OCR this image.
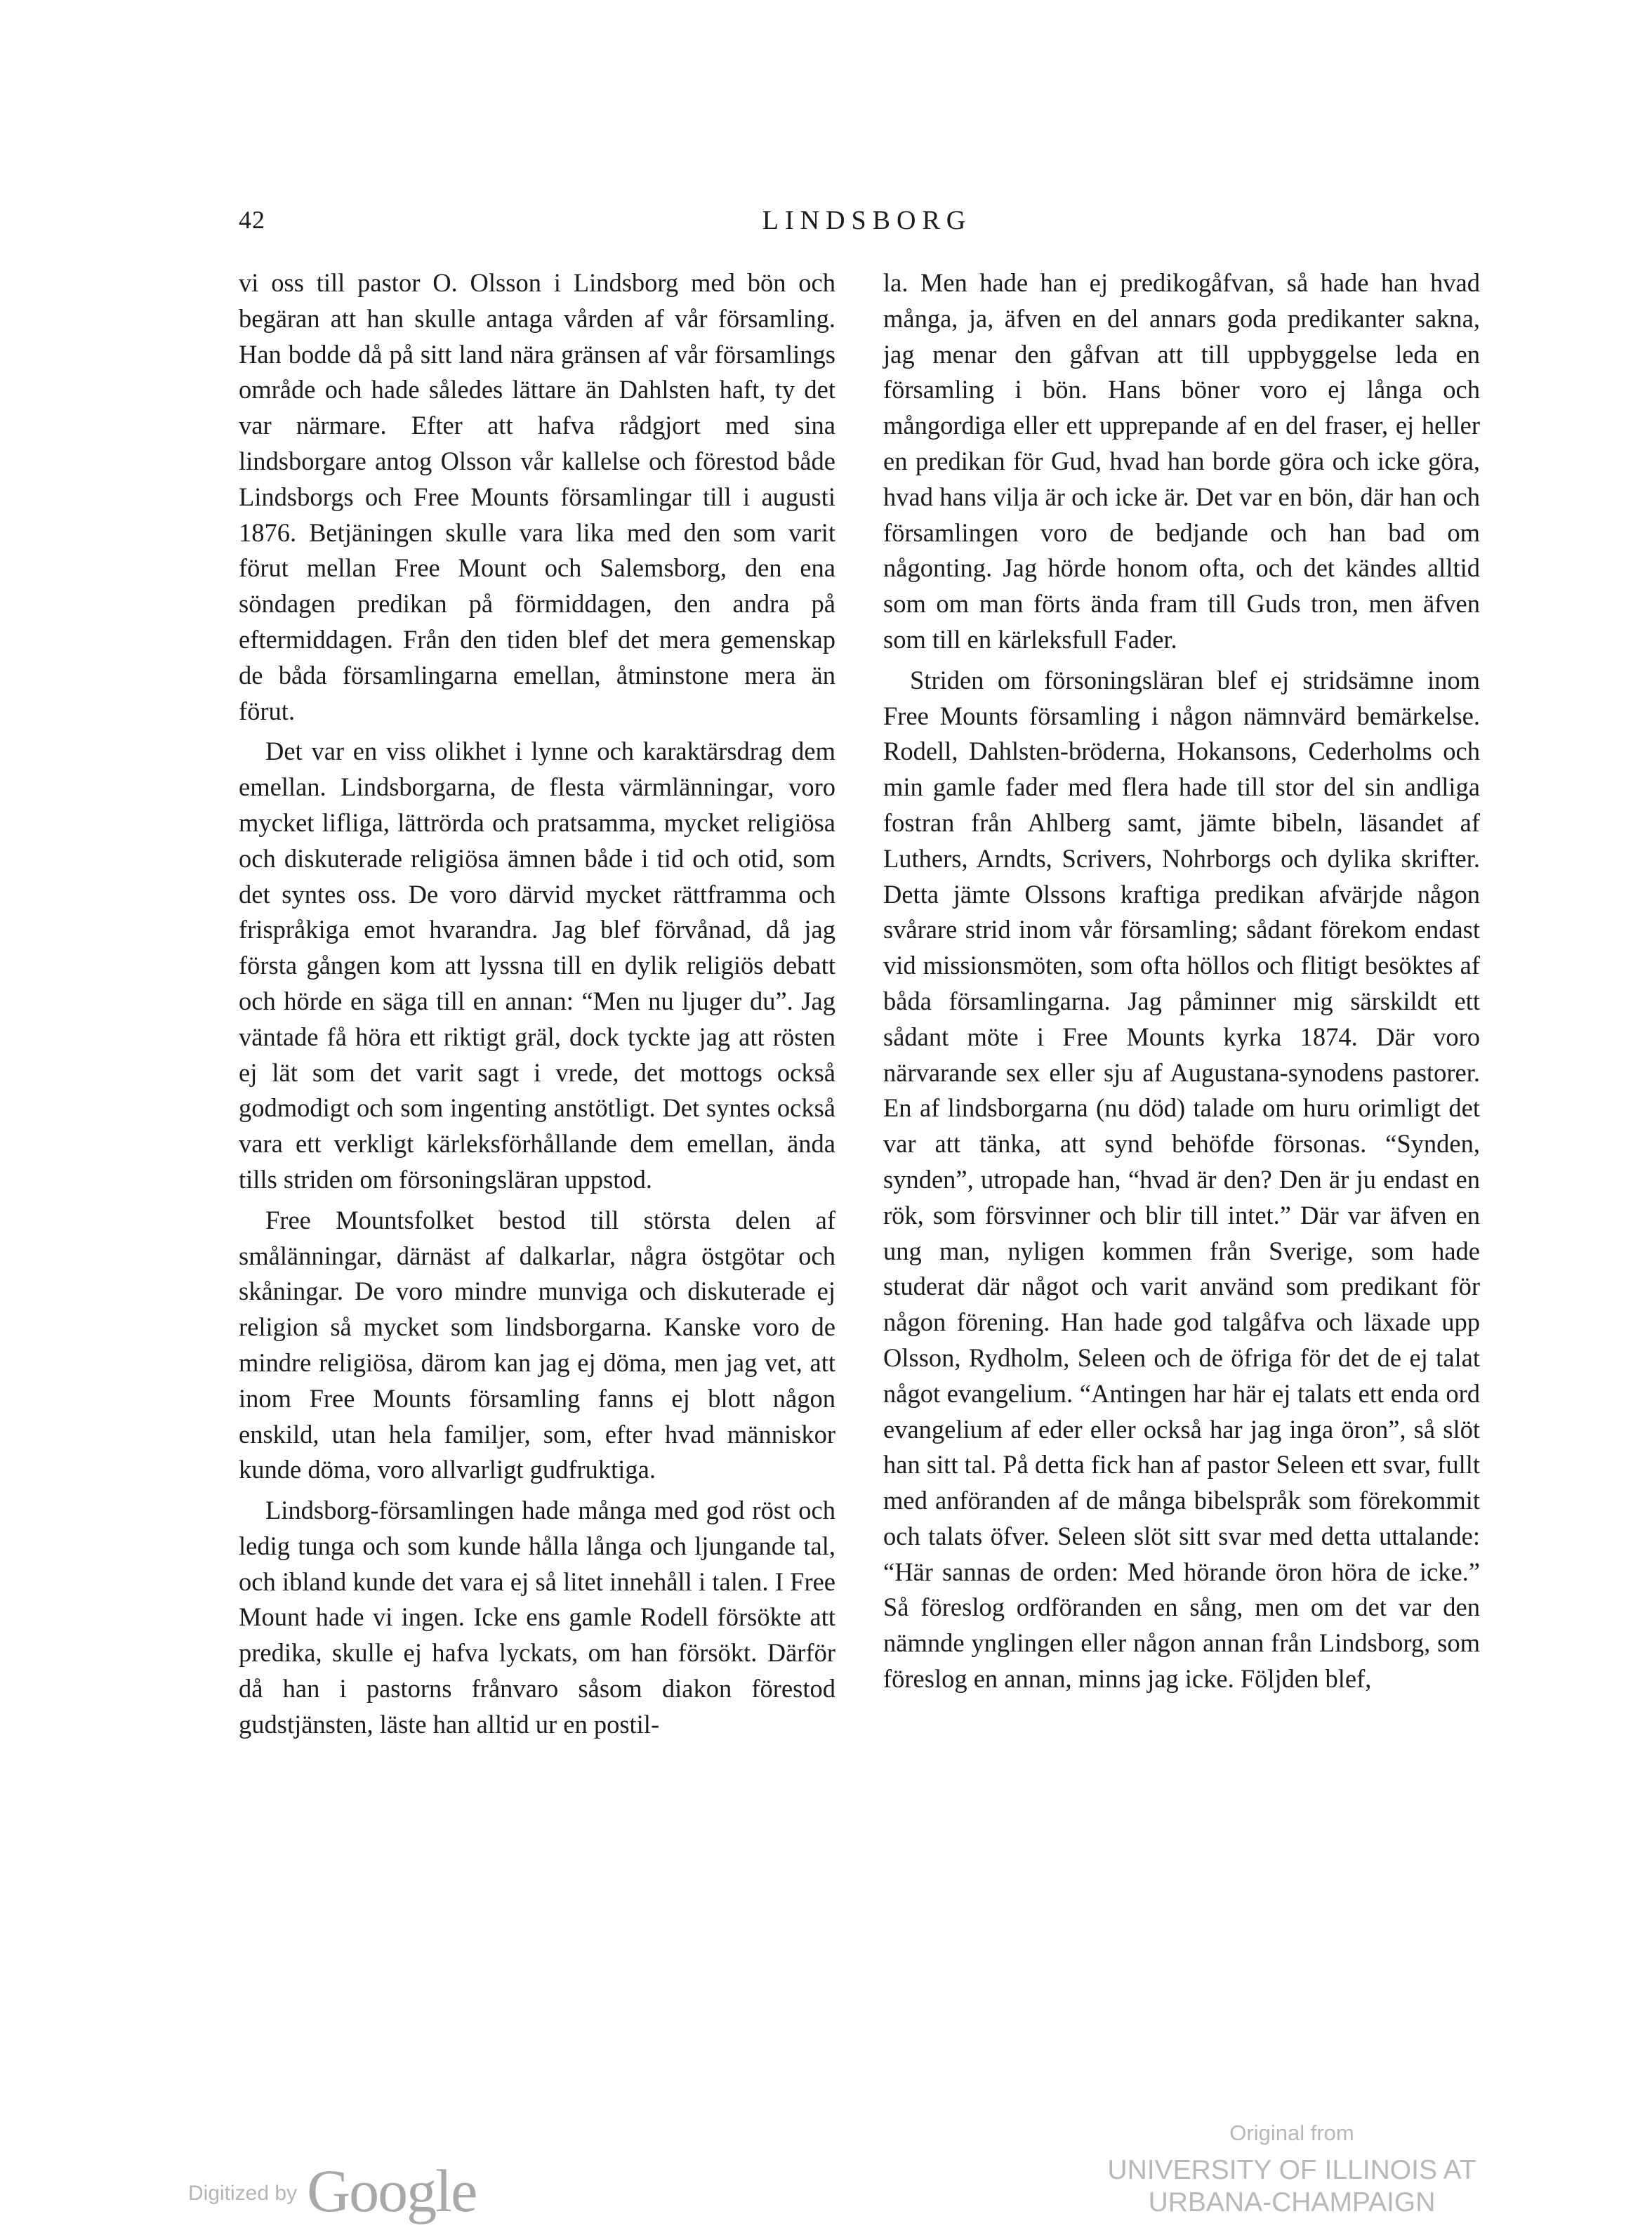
42	LINDSBORG

vi oss till pastor O. Olsson i Lindsborg med bön och begäran att han skulle antaga vården af vår församling. Han bodde då på sitt land nära gränsen af vår församlings område och hade således lättare än Dahlsten haft, ty det var närmare. Efter att hafva rådgjort med sina lindsborgare antog Olsson vår kallelse och förestod både Lindsborgs och Free Mounts församlingar till i augusti 1876. Betjäningen skulle vara lika med den som varit förut mellan Free Mount och Salemsborg, den ena söndagen predikan på förmiddagen, den andra på eftermiddagen. Från den tiden blef det mera gemenskap de båda församlingarna emellan, åtminstone mera än förut.

Det var en viss olikhet i lynne och karaktärsdrag dem emellan. Lindsborgarna, de flesta värmlänningar, voro mycket lifliga, lättrörda och pratsamma, mycket religiösa och diskuterade religiösa ämnen både i tid och otid, som det syntes oss. De voro därvid mycket rättframma och frispråkiga emot hvarandra. Jag blef förvånad, då jag första gången kom att lyssna till en dylik religiös debatt och hörde en säga till en annan: “Men nu ljuger du”. Jag väntade få höra ett riktigt gräl, dock tyckte jag att rösten ej lät som det varit sagt i vrede, det mottogs också godmodigt och som ingenting anstötligt. Det syntes också vara ett verkligt kärleksförhållande dem emellan, ända tills striden om försoningsläran uppstod.

Free Mountsfolket bestod till största delen af smålänningar, därnäst af dalkarlar, några östgötar och skåningar. De voro mindre munviga och diskuterade ej religion så mycket som lindsborgarna. Kanske voro de mindre religiösa, därom kan jag ej döma, men jag vet, att inom Free Mounts församling fanns ej blott någon enskild, utan hela familjer, som, efter hvad människor kunde döma, voro allvarligt gudfruktiga.

Lindsborg-församlingen hade många med god röst och ledig tunga och som kunde hålla långa och ljungande tal, och ibland kunde det vara ej så litet innehåll i talen. I Free Mount hade vi ingen. Icke ens gamle Rodell försökte att predika, skulle ej hafva lyckats, om han försökt. Därför då han i pastorns frånvaro såsom diakon förestod gudstjänsten, läste han alltid ur en postil-

la. Men hade han ej predikogåfvan, så hade han hvad många, ja, äfven en del annars goda predikanter sakna, jag menar den gåfvan att till uppbyggelse leda en församling i bön. Hans böner voro ej långa och mångordiga eller ett upprepande af en del fraser, ej heller en predikan för Gud, hvad han borde göra och icke göra, hvad hans vilja är och icke är. Det var en bön, där han och församlingen voro de bedjande och han bad om någonting. Jag hörde honom ofta, och det kändes alltid som om man förts ända fram till Guds tron, men äfven som till en kärleksfull Fader.

Striden om försoningsläran blef ej stridsämne inom Free Mounts församling i någon nämnvärd bemärkelse. Rodell, Dahlsten-bröderna, Hokansons, Cederholms och min gamle fader med flera hade till stor del sin andliga fostran från Ahlberg samt, jämte bibeln, läsandet af Luthers, Arndts, Scrivers, Nohrborgs och dylika skrifter. Detta jämte Olssons kraftiga predikan afvärjde någon svårare strid inom vår församling; sådant förekom endast vid missionsmöten, som ofta höllos och flitigt besöktes af båda församlingarna. Jag påminner mig särskildt ett sådant möte i Free Mounts kyrka 1874. Där voro närvarande sex eller sju af Augustana-synodens pastorer. En af lindsborgarna (nu död) talade om huru orimligt det var att tänka, att synd behöfde försonas. “Synden, synden”, utropade han, “hvad är den? Den är ju endast en rök, som försvinner och blir till intet.” Där var äfven en ung man, nyligen kommen från Sverige, som hade studerat där något och varit använd som predikant för någon förening. Han hade god talgåfva och läxade upp Olsson, Rydholm, Seleen och de öfriga för det de ej talat något evangelium. “Antingen har här ej talats ett enda ord evangelium af eder eller också har jag inga öron”, så slöt han sitt tal. På detta fick han af pastor Seleen ett svar, fullt med anföranden af de många bibelspråk som förekommit och talats öfver. Seleen slöt sitt svar med detta uttalande: “Här sannas de orden: Med hörande öron höra de icke.” Så föreslog ordföranden en sång, men om det var den nämnde ynglingen eller någon annan från Lindsborg, som föreslog en annan, minns jag icke. Följden blef,

Digitized by Google
Original from
UNIVERSITY OF ILLINOIS AT
URBANA-CHAMPAIGN
